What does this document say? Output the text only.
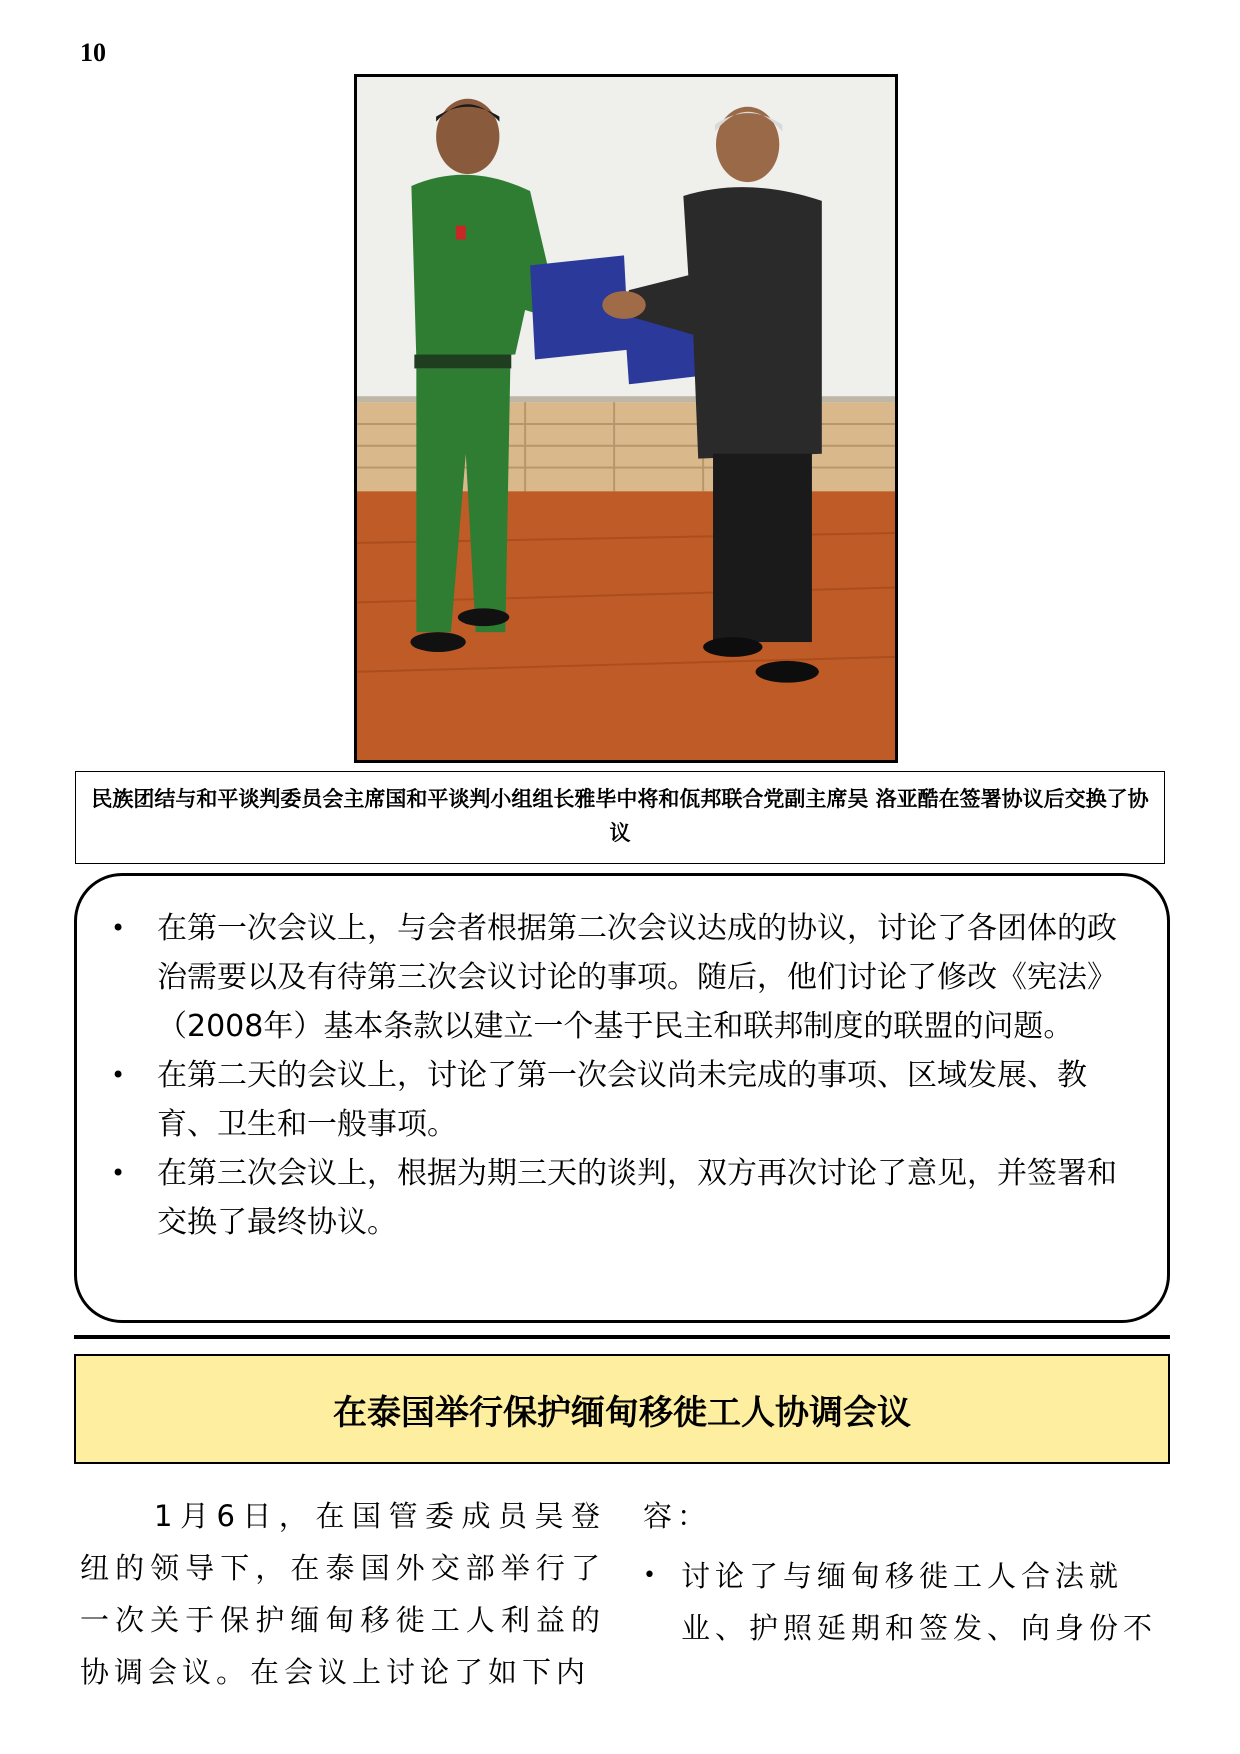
10
民族团结与和平谈判委员会主席国和平谈判小组组长雅毕中将和佤邦联合党副主席吴 洛亚酷在签署协议后交换了协议
• 在第一次会议上，与会者根据第二次会议达成的协议，讨论了各团体的政治需要以及有待第三次会议讨论的事项。随后，他们讨论了修改《宪法》（2008年）基本条款以建立一个基于民主和联邦制度的联盟的问题。
• 在第二天的会议上，讨论了第一次会议尚未完成的事项、区域发展、教育、卫生和一般事项。
• 在第三次会议上，根据为期三天的谈判，双方再次讨论了意见，并签署和交换了最终协议。
在泰国举行保护缅甸移徙工人协调会议
1月6日，在国管委成员吴登纽的领导下，在泰国外交部举行了一次关于保护缅甸移徙工人利益的协调会议。在会议上讨论了如下内
容：
• 讨论了与缅甸移徙工人合法就业、护照延期和签发、向身份不
